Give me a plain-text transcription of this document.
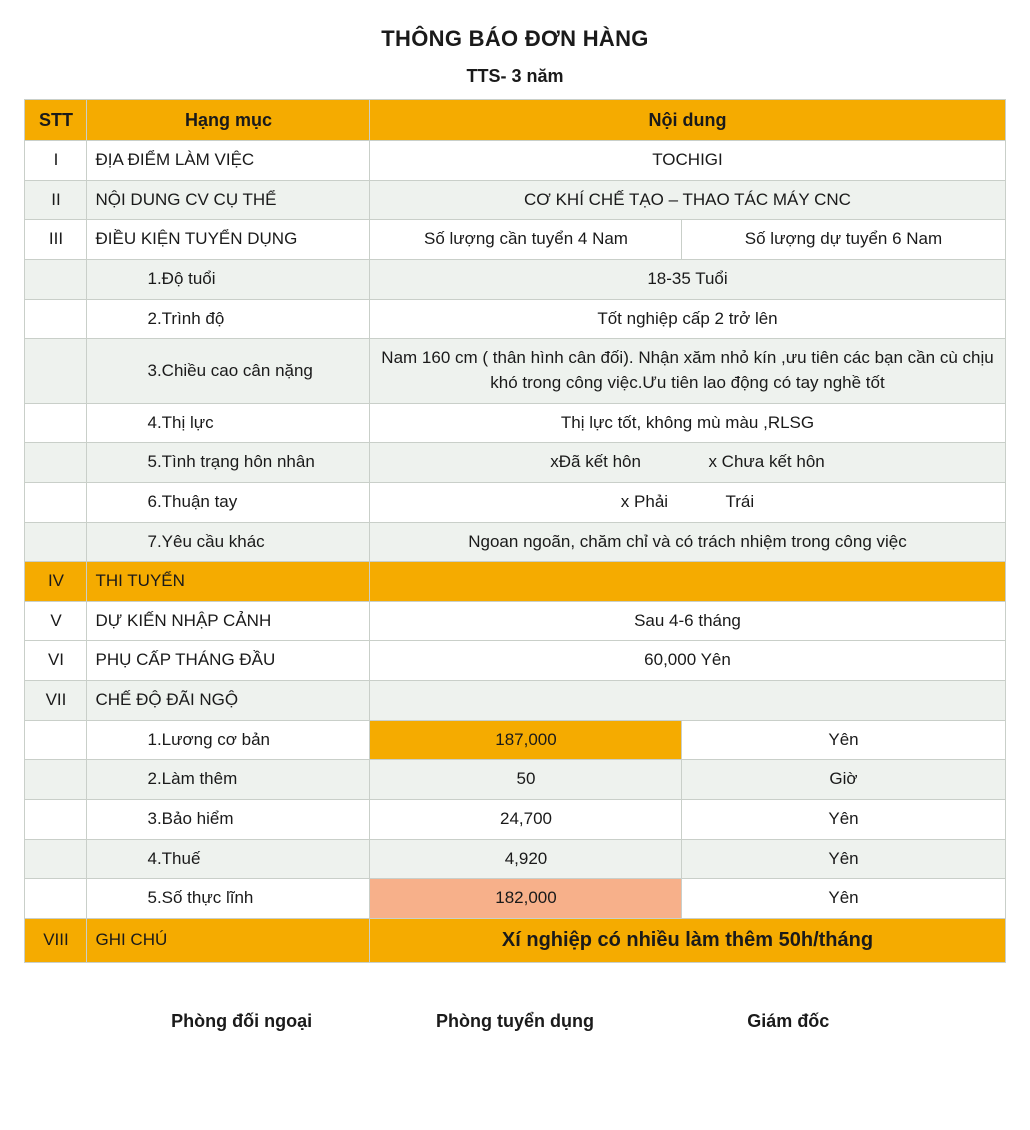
THÔNG BÁO ĐƠN HÀNG
TTS- 3 năm
STT	Hạng mục	Nội dung	
I	ĐỊA ĐIỂM LÀM VIỆC	TOCHIGI	
II	NỘI DUNG CV CỤ THỂ	CƠ KHÍ CHẾ TẠO – THAO TÁC MÁY CNC	
III	ĐIỀU KIỆN TUYỂN DỤNG	Số lượng cần tuyển 4 Nam	Số lượng dự tuyển 6 Nam
	1.Độ tuổi	18-35 Tuổi	
	2.Trình độ	Tốt nghiệp cấp 2 trở lên	
	3.Chiều cao cân nặng	Nam 160 cm ( thân hình cân đối). Nhận xăm nhỏ kín ,ưu tiên các bạn cần cù chịu khó trong công việc.Ưu tiên lao động có tay nghề tốt	
	4.Thị lực	Thị lực tốt, không mù màu ,RLSG	
	5.Tình trạng hôn nhân	xĐã kết hôn x Chưa kết hôn	
	6.Thuận tay	x Phải Trái	
	7.Yêu cầu khác	Ngoan ngoãn, chăm chỉ và có trách nhiệm trong công việc	
IV	THI TUYỂN		
V	DỰ KIẾN NHẬP CẢNH	Sau 4-6 tháng	
VI	PHỤ CẤP THÁNG ĐẦU	60,000 Yên	
VII	CHẾ ĐỘ ĐÃI NGỘ		
	1.Lương cơ bản	187,000	Yên
	2.Làm thêm	50	Giờ
	3.Bảo hiểm	24,700	Yên
	4.Thuế	4,920	Yên
	5.Số thực lĩnh	182,000	Yên
VIII	GHI CHÚ	Xí nghiệp có nhiều làm thêm 50h/tháng	
Phòng đối ngoại	Phòng tuyển dụng	Giám đốc
